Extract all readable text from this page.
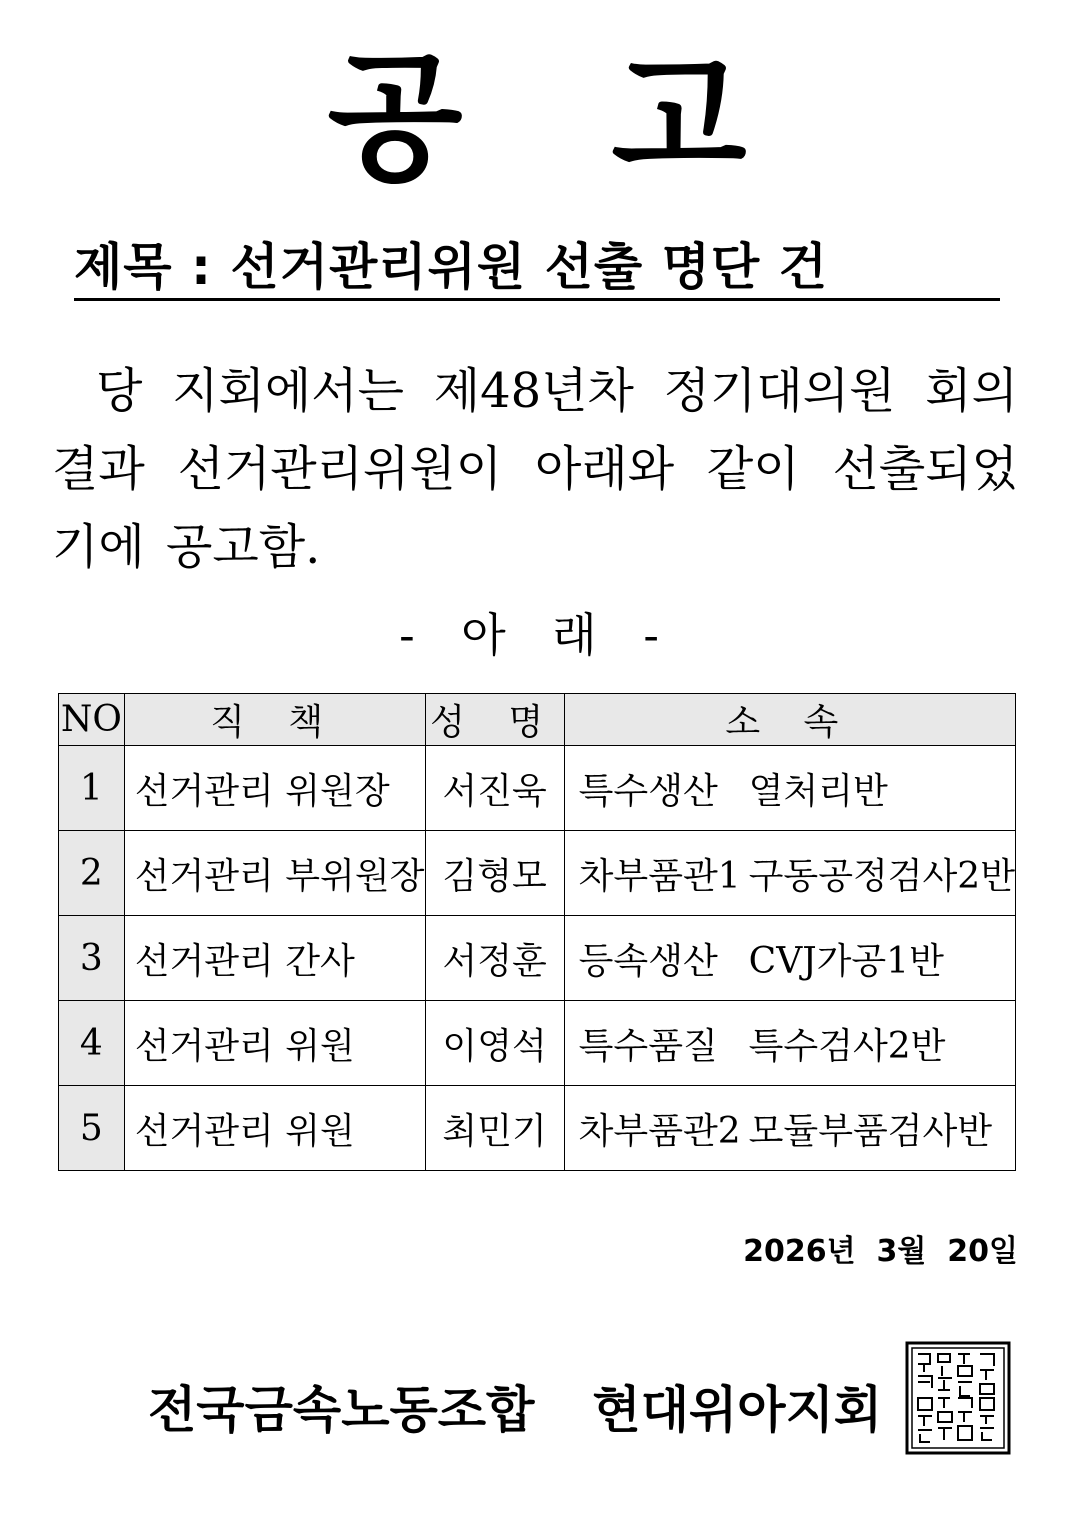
공 고
제목 : 선거관리위원 선출 명단 건
당 지회에서는 제48년차 정기대의원 회의 결과 선거관리위원이 아래와 같이 선출되었기에 공고함.
- 아 래 -
NO	직 책	성 명	소 속
1	선거관리 위원장	서진욱	특수생산 열처리반
2	선거관리 부위원장	김형모	차부품관1 구동공정검사2반
3	선거관리 간사	서정훈	등속생산 CVJ가공1반
4	선거관리 위원	이영석	특수품질 특수검사2반
5	선거관리 위원	최민기	차부품관2 모듈부품검사반
2026년  3월  20일
전국금속노동조합 현대위아지회
